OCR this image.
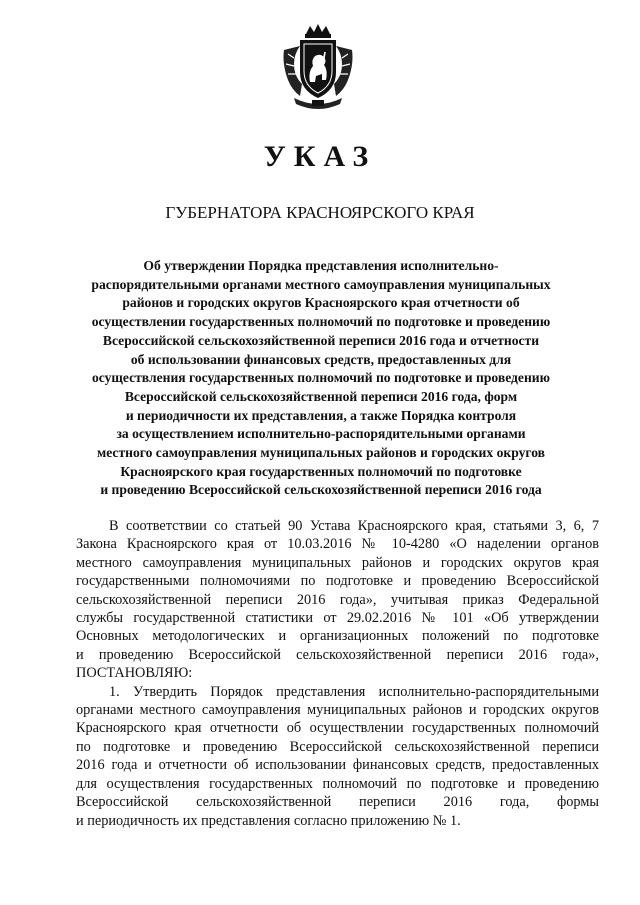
УКАЗ
ГУБЕРНАТОРА КРАСНОЯРСКОГО КРАЯ
Об утверждении Порядка представления исполнительно-
распорядительными органами местного самоуправления муниципальных
районов и городских округов Красноярского края отчетности об
осуществлении государственных полномочий по подготовке и проведению
Всероссийской сельскохозяйственной переписи 2016 года и отчетности
об использовании финансовых средств, предоставленных для
осуществления государственных полномочий по подготовке и проведению
Всероссийской сельскохозяйственной переписи 2016 года, форм
и периодичности их представления, а также Порядка контроля
за осуществлением исполнительно-распорядительными органами
местного самоуправления муниципальных районов и городских округов
Красноярского края государственных полномочий по подготовке
и проведению Всероссийской сельскохозяйственной переписи 2016 года
В соответствии со статьей 90 Устава Красноярского края, статьями 3, 6, 7
Закона Красноярского края от 10.03.2016 № 10-4280 «О наделении органов
местного самоуправления муниципальных районов и городских округов края
государственными полномочиями по подготовке и проведению Всероссийской
сельскохозяйственной переписи 2016 года», учитывая приказ Федеральной
службы государственной статистики от 29.02.2016 № 101 «Об утверждении
Основных методологических и организационных положений по подготовке
и проведению Всероссийской сельскохозяйственной переписи 2016 года»,
ПОСТАНОВЛЯЮ:
1. Утвердить Порядок представления исполнительно-распорядительными
органами местного самоуправления муниципальных районов и городских округов
Красноярского края отчетности об осуществлении государственных полномочий
по подготовке и проведению Всероссийской сельскохозяйственной переписи
2016 года и отчетности об использовании финансовых средств, предоставленных
для осуществления государственных полномочий по подготовке и проведению
Всероссийской сельскохозяйственной переписи 2016 года, формы
и периодичность их представления согласно приложению № 1.
